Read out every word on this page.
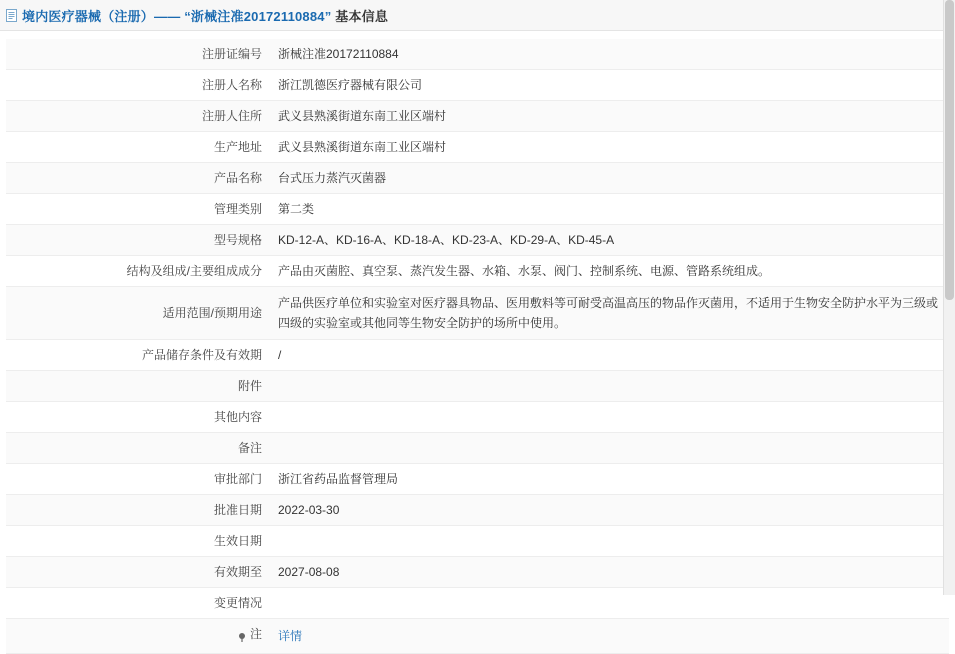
境内医疗器械（注册）—— “浙械注准20172110884” 基本信息
注册证编号	浙械注准20172110884
注册人名称	浙江凯德医疗器械有限公司
注册人住所	武义县熟溪街道东南工业区端村
生产地址	武义县熟溪街道东南工业区端村
产品名称	台式压力蒸汽灭菌器
管理类别	第二类
型号规格	KD-12-A、KD-16-A、KD-18-A、KD-23-A、KD-29-A、KD-45-A
结构及组成/主要组成成分	产品由灭菌腔、真空泵、蒸汽发生器、水箱、水泵、阀门、控制系统、电源、管路系统组成。
适用范围/预期用途	产品供医疗单位和实验室对医疗器具物品、医用敷料等可耐受高温高压的物品作灭菌用，不适用于生物安全防护水平为三级或四级的实验室或其他同等生物安全防护的场所中使用。
产品储存条件及有效期	/
附件	
其他内容	
备注	
审批部门	浙江省药品监督管理局
批准日期	2022-03-30
生效日期	
有效期至	2027-08-08
变更情况	

注	详情
